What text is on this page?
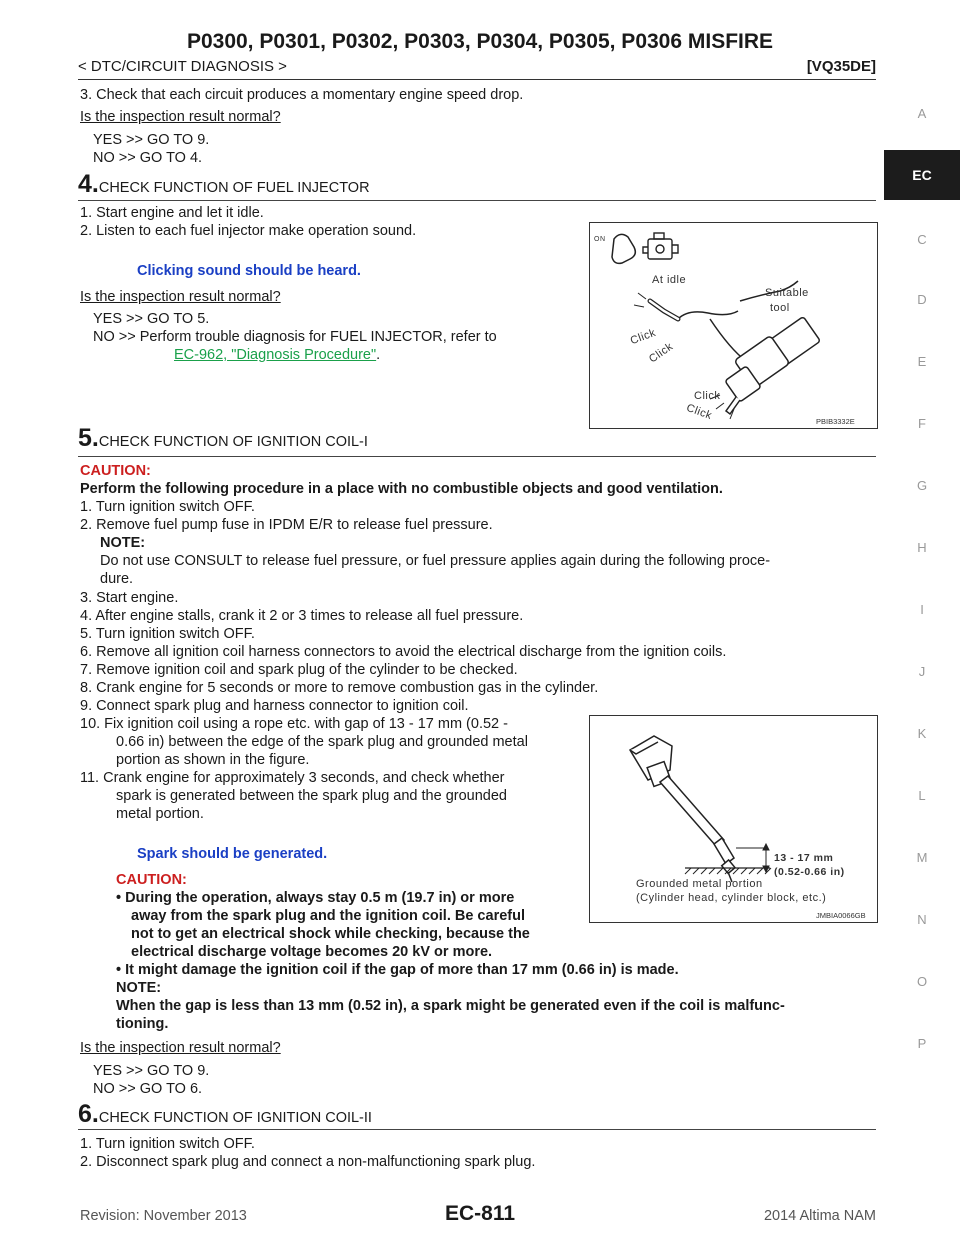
P0300, P0301, P0302, P0303, P0304, P0305, P0306 MISFIRE
< DTC/CIRCUIT DIAGNOSIS >	[VQ35DE]
A
EC
C
D
E
F
G
H
I
J
K
L
M
N
O
P
3. Check that each circuit produces a momentary engine speed drop.
Is the inspection result normal?
YES >> GO TO 9.
NO >> GO TO 4.
4.CHECK FUNCTION OF FUEL INJECTOR
1. Start engine and let it idle.
2. Listen to each fuel injector make operation sound.
Clicking sound should be heard.
Is the inspection result normal?
YES >> GO TO 5.
NO >> Perform trouble diagnosis for FUEL INJECTOR, refer to
EC-962, "Diagnosis Procedure".
ON
At idle
Suitable
tool
Click
Click
Click
Click	PBIB3332E
5.CHECK FUNCTION OF IGNITION COIL-I
CAUTION:
Perform the following procedure in a place with no combustible objects and good ventilation.
1. Turn ignition switch OFF.
2. Remove fuel pump fuse in IPDM E/R to release fuel pressure.
NOTE:
Do not use CONSULT to release fuel pressure, or fuel pressure applies again during the following proce-
dure.
3. Start engine.
4. After engine stalls, crank it 2 or 3 times to release all fuel pressure.
5. Turn ignition switch OFF.
6. Remove all ignition coil harness connectors to avoid the electrical discharge from the ignition coils.
7. Remove ignition coil and spark plug of the cylinder to be checked.
8. Crank engine for 5 seconds or more to remove combustion gas in the cylinder.
9. Connect spark plug and harness connector to ignition coil.
10. Fix ignition coil using a rope etc. with gap of 13 - 17 mm (0.52 -
0.66 in) between the edge of the spark plug and grounded metal
portion as shown in the figure.
11. Crank engine for approximately 3 seconds, and check whether
spark is generated between the spark plug and the grounded
metal portion.
Spark should be generated.
CAUTION:
• During the operation, always stay 0.5 m (19.7 in) or more
away from the spark plug and the ignition coil. Be careful
not to get an electrical shock while checking, because the
electrical discharge voltage becomes 20 kV or more.
• It might damage the ignition coil if the gap of more than 17 mm (0.66 in) is made.
NOTE:
When the gap is less than 13 mm (0.52 in), a spark might be generated even if the coil is malfunc-
tioning.
Is the inspection result normal?
YES >> GO TO 9.
NO >> GO TO 6.
13 - 17 mm
(0.52-0.66 in)
Grounded metal portion
(Cylinder head, cylinder block, etc.)
JMBIA0066GB
6.CHECK FUNCTION OF IGNITION COIL-II
1. Turn ignition switch OFF.
2. Disconnect spark plug and connect a non-malfunctioning spark plug.
Revision: November 2013	EC-811	2014 Altima NAM
